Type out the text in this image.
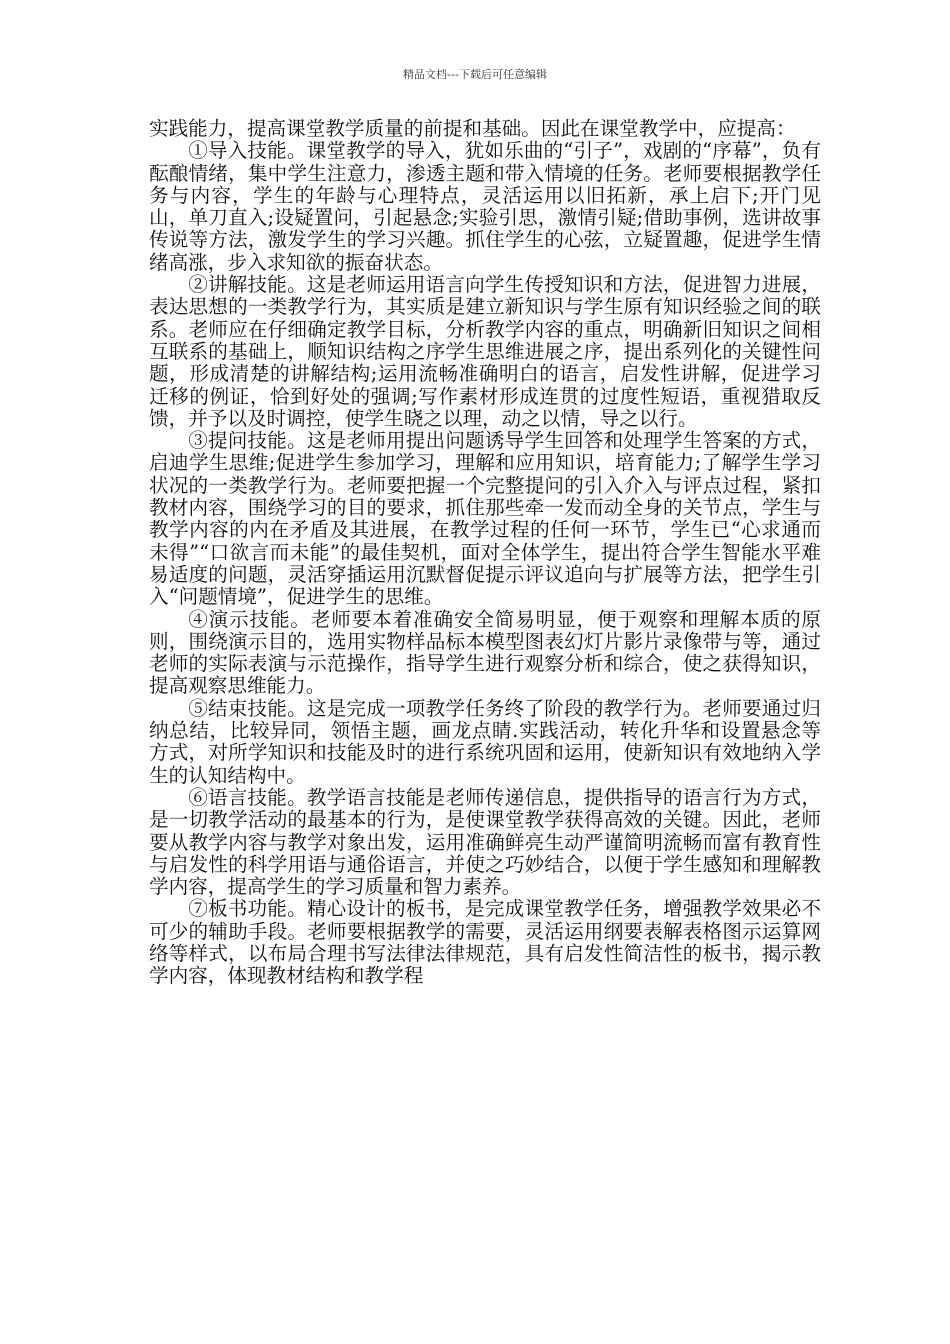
精品文档---下载后可任意编辑

实践能力，提高课堂教学质量的前提和基础。因此在课堂教学中，应提高：

①导入技能。课堂教学的导入，犹如乐曲的“引子”，戏剧的“序幕”，负有酝酿情绪，集中学生注意力，渗透主题和带入情境的任务。老师要根据教学任务与内容，学生的年龄与心理特点，灵活运用以旧拓新，承上启下;开门见山，单刀直入;设疑置问，引起悬念;实验引思，激情引疑;借助事例，选讲故事传说等方法，激发学生的学习兴趣。抓住学生的心弦，立疑置趣，促进学生情绪高涨，步入求知欲的振奋状态。

②讲解技能。这是老师运用语言向学生传授知识和方法，促进智力进展，表达思想的一类教学行为，其实质是建立新知识与学生原有知识经验之间的联系。老师应在仔细确定教学目标，分析教学内容的重点，明确新旧知识之间相互联系的基础上，顺知识结构之序学生思维进展之序，提出系列化的关键性问题，形成清楚的讲解结构;运用流畅准确明白的语言，启发性讲解，促进学习迁移的例证，恰到好处的强调;写作素材形成连贯的过度性短语，重视猎取反馈，并予以及时调控，使学生晓之以理，动之以情，导之以行。

③提问技能。这是老师用提出问题诱导学生回答和处理学生答案的方式，启迪学生思维;促进学生参加学习，理解和应用知识，培育能力;了解学生学习状况的一类教学行为。老师要把握一个完整提问的引入介入与评点过程，紧扣教材内容，围绕学习的目的要求，抓住那些牵一发而动全身的关节点，学生与教学内容的内在矛盾及其进展，在教学过程的任何一环节，学生已“心求通而未得”“口欲言而未能”的最佳契机，面对全体学生，提出符合学生智能水平难易适度的问题，灵活穿插运用沉默督促提示评议追向与扩展等方法，把学生引入“问题情境”，促进学生的思维。

④演示技能。老师要本着准确安全简易明显，便于观察和理解本质的原则，围绕演示目的，选用实物样品标本模型图表幻灯片影片录像带与等，通过老师的实际表演与示范操作，指导学生进行观察分析和综合，使之获得知识，提高观察思维能力。

⑤结束技能。这是完成一项教学任务终了阶段的教学行为。老师要通过归纳总结，比较异同，领悟主题，画龙点睛.实践活动，转化升华和设置悬念等方式，对所学知识和技能及时的进行系统巩固和运用，使新知识有效地纳入学生的认知结构中。

⑥语言技能。教学语言技能是老师传递信息，提供指导的语言行为方式，是一切教学活动的最基本的行为，是使课堂教学获得高效的关键。因此，老师要从教学内容与教学对象出发，运用准确鲜亮生动严谨简明流畅而富有教育性与启发性的科学用语与通俗语言，并使之巧妙结合，以便于学生感知和理解教学内容，提高学生的学习质量和智力素养。

⑦板书功能。精心设计的板书，是完成课堂教学任务，增强教学效果必不可少的辅助手段。老师要根据教学的需要，灵活运用纲要表解表格图示运算网络等样式，以布局合理书写法律法律规范，具有启发性简洁性的板书，揭示教学内容，体现教材结构和教学程
